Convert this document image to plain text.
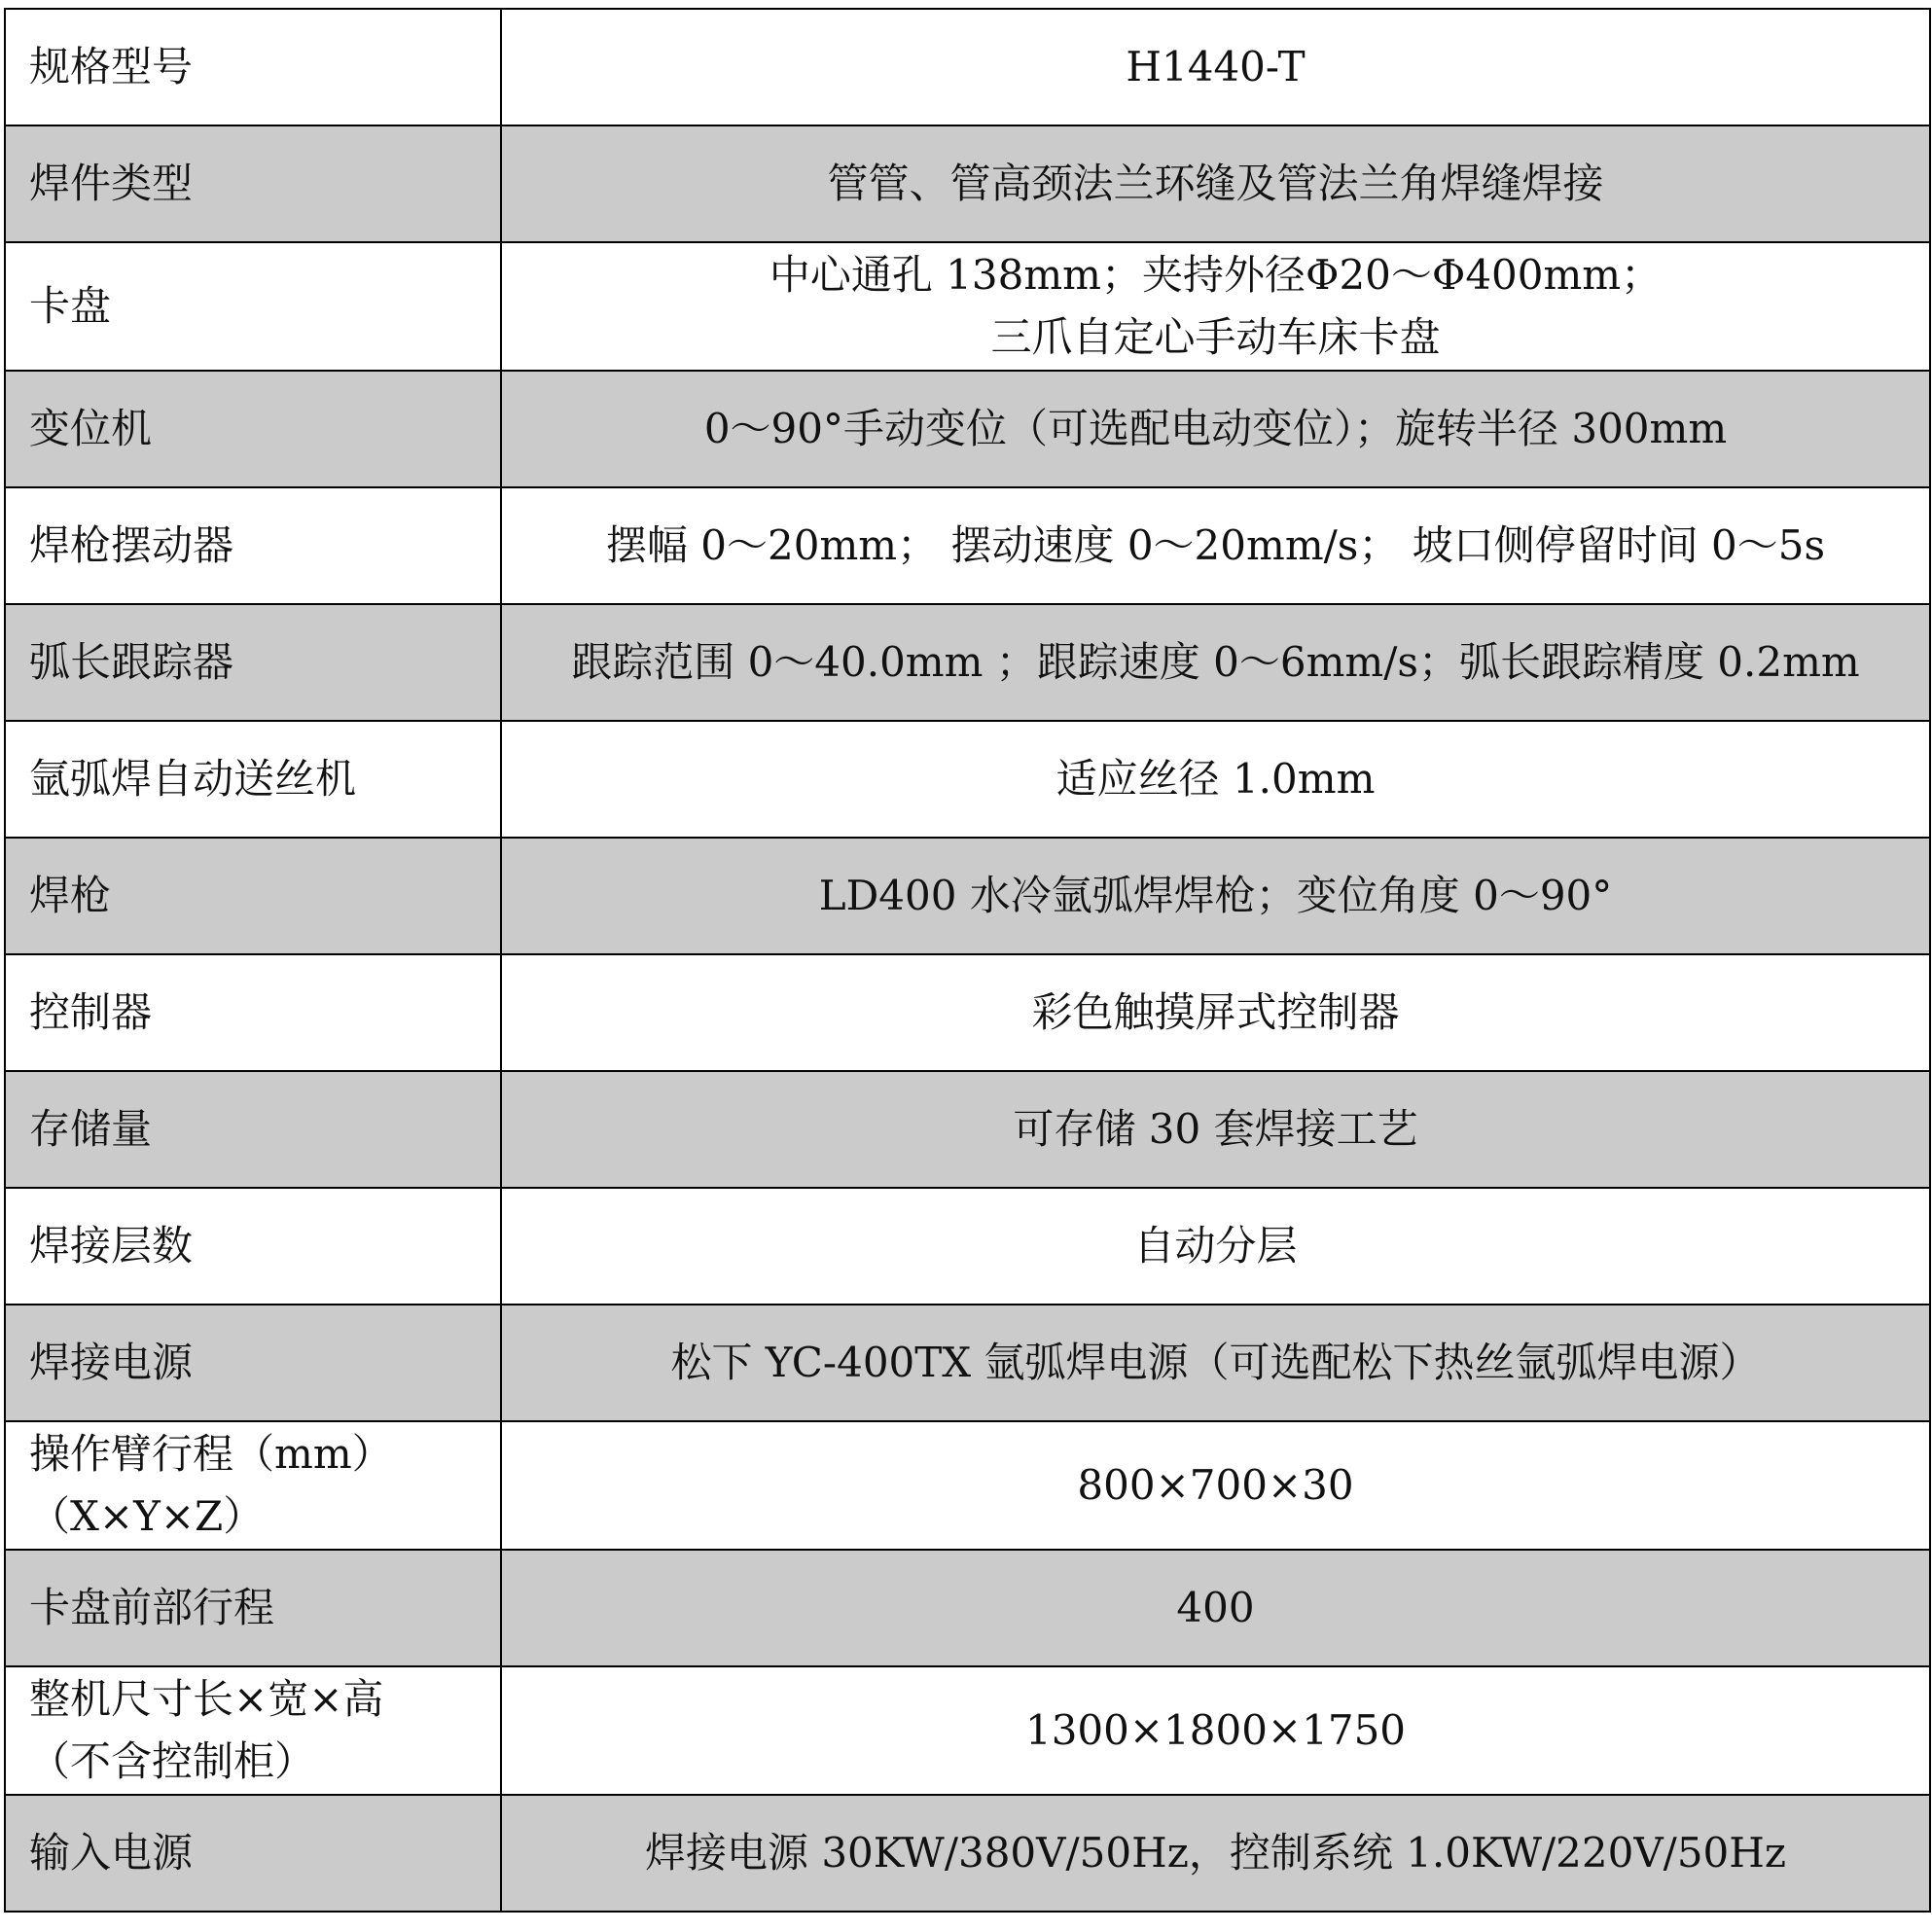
规格型号	H1440-T

焊件类型	管管、管高颈法兰环缝及管法兰角焊缝焊接

卡盘	中心通孔 138mm；夹持外径Φ20～Φ400mm；
三爪自定心手动车床卡盘

变位机	0～90°手动变位（可选配电动变位）；旋转半径 300mm

焊枪摆动器	摆幅 0～20mm； 摆动速度 0～20mm/s； 坡口侧停留时间 0～5s

弧长跟踪器	跟踪范围 0～40.0mm ；跟踪速度 0～6mm/s；弧长跟踪精度 0.2mm

氩弧焊自动送丝机	适应丝径 1.0mm

焊枪	LD400 水冷氩弧焊焊枪；变位角度 0～90°

控制器	彩色触摸屏式控制器

存储量	可存储 30 套焊接工艺

焊接层数	自动分层

焊接电源	松下 YC-400TX 氩弧焊电源（可选配松下热丝氩弧焊电源）

操作臂行程（mm）
（X×Y×Z）	800×700×30

卡盘前部行程	400

整机尺寸长×宽×高
（不含控制柜）	1300×1800×1750

输入电源	焊接电源 30KW/380V/50Hz，控制系统 1.0KW/220V/50Hz
